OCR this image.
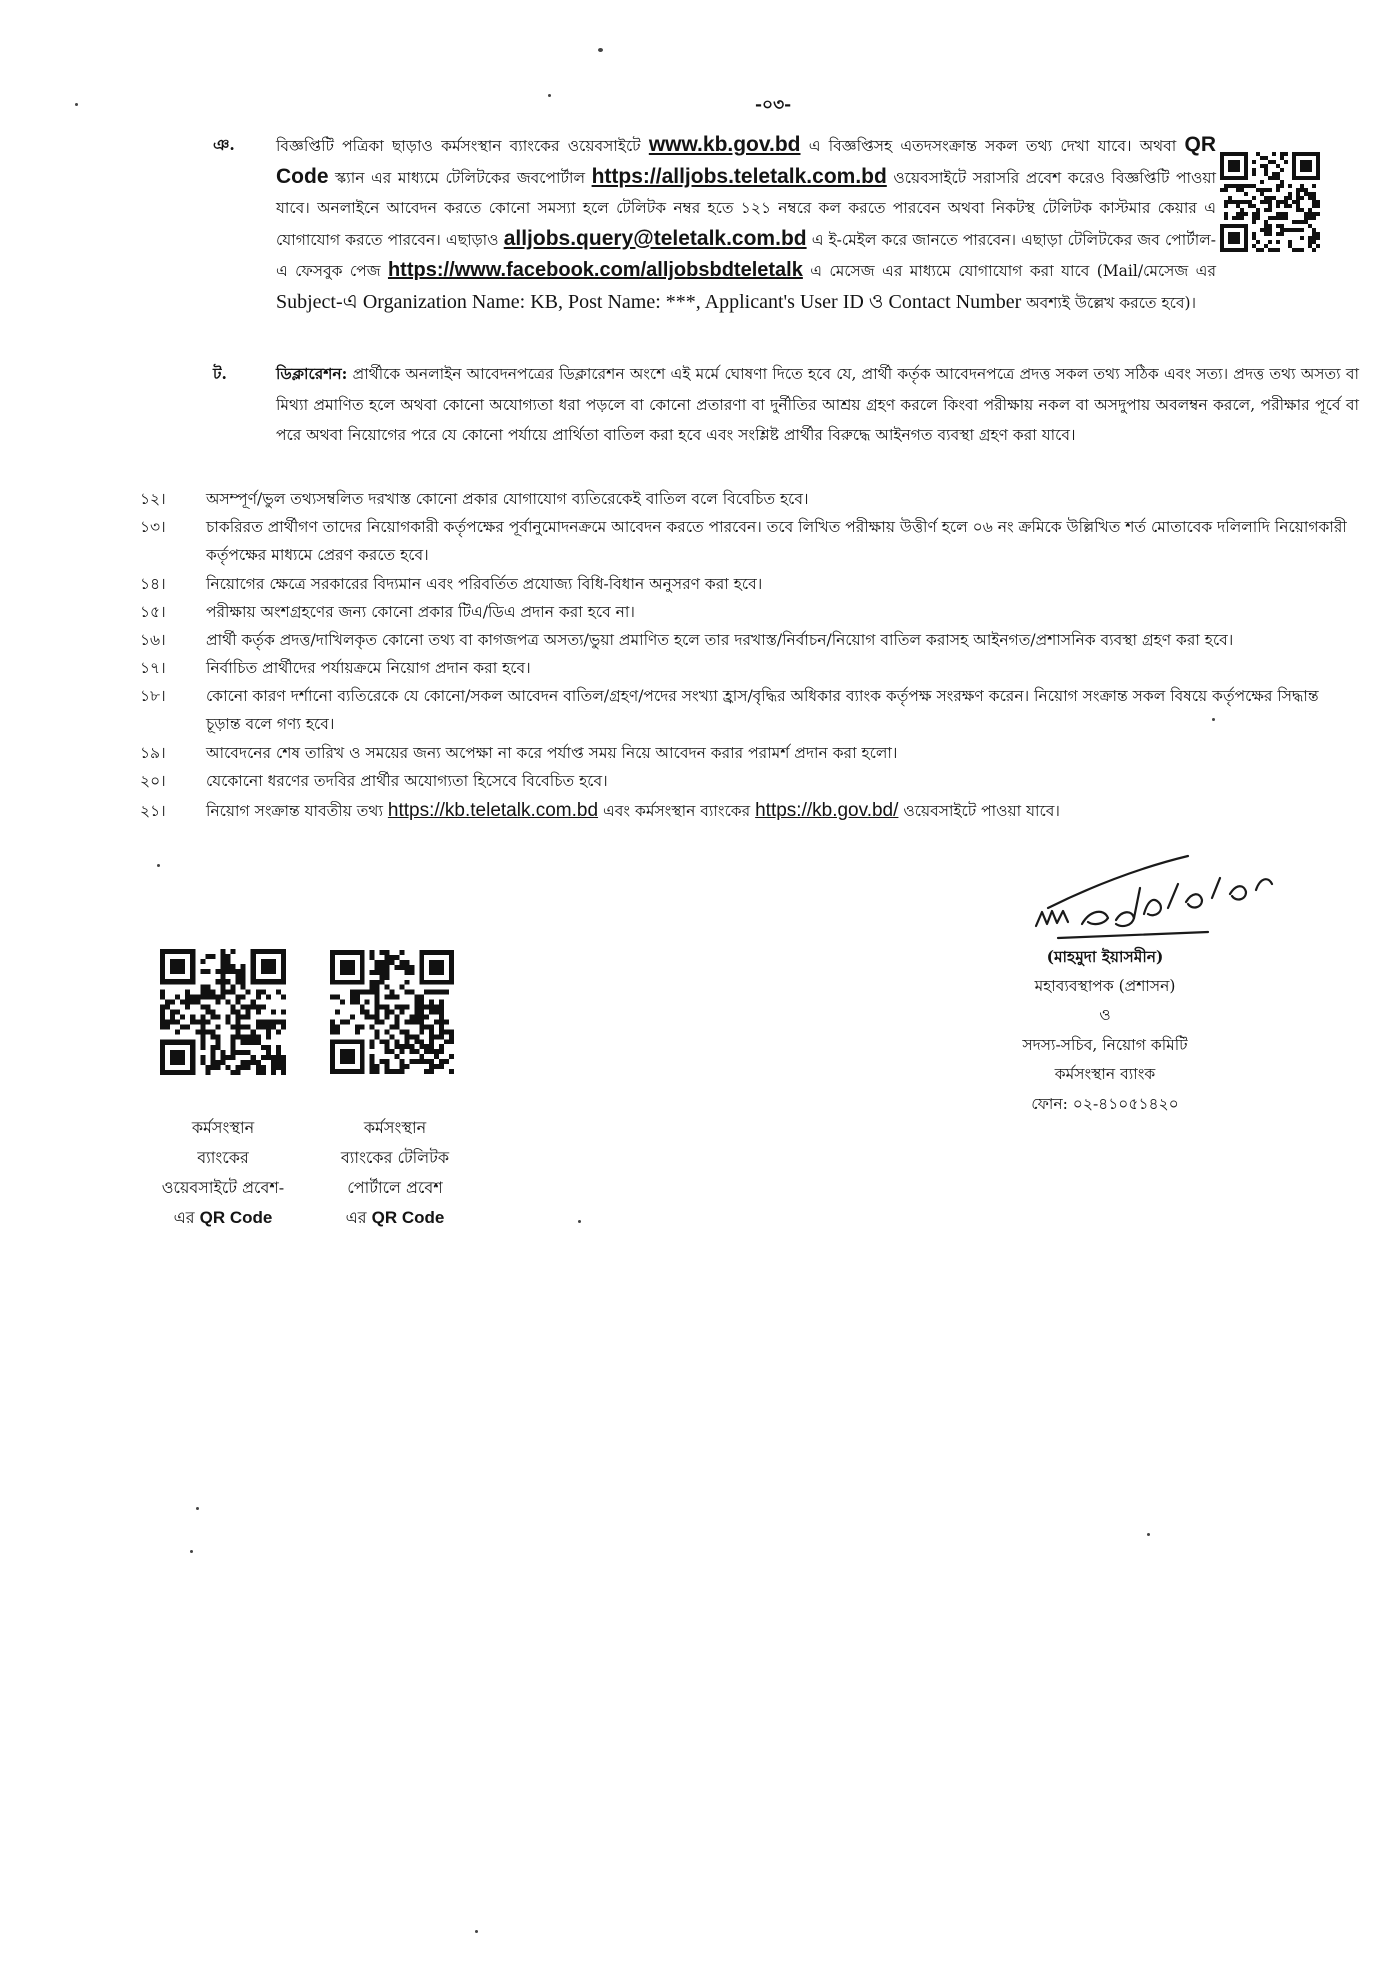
-০৩-
ঞ.	বিজ্ঞপ্তিটি পত্রিকা ছাড়াও কর্মসংস্থান ব্যাংকের ওয়েবসাইটে www.kb.gov.bd এ বিজ্ঞপ্তিসহ এতদসংক্রান্ত সকল তথ্য দেখা যাবে। অথবা QR Code স্ক্যান এর মাধ্যমে টেলিটকের জবপোর্টাল https://alljobs.teletalk.com.bd ওয়েবসাইটে সরাসরি প্রবেশ করেও বিজ্ঞপ্তিটি পাওয়া যাবে। অনলাইনে আবেদন করতে কোনো সমস্যা হলে টেলিটক নম্বর হতে ১২১ নম্বরে কল করতে পারবেন অথবা নিকটস্থ টেলিটক কাস্টমার কেয়ার এ যোগাযোগ করতে পারবেন। এছাড়াও alljobs.query@teletalk.com.bd এ ই-মেইল করে জানতে পারবেন। এছাড়া টেলিটকের জব পোর্টাল-এ ফেসবুক পেজ https://www.facebook.com/alljobsbdteletalk এ মেসেজ এর মাধ্যমে যোগাযোগ করা যাবে (Mail/মেসেজ এর Subject-এ Organization Name: KB, Post Name: ***, Applicant's User ID ও Contact Number অবশ্যই উল্লেখ করতে হবে)।
ট.	ডিক্লারেশন: প্রার্থীকে অনলাইন আবেদনপত্রের ডিক্লারেশন অংশে এই মর্মে ঘোষণা দিতে হবে যে, প্রার্থী কর্তৃক আবেদনপত্রে প্রদত্ত সকল তথ্য সঠিক এবং সত্য। প্রদত্ত তথ্য অসত্য বা মিথ্যা প্রমাণিত হলে অথবা কোনো অযোগ্যতা ধরা পড়লে বা কোনো প্রতারণা বা দুর্নীতির আশ্রয় গ্রহণ করলে কিংবা পরীক্ষায় নকল বা অসদুপায় অবলম্বন করলে, পরীক্ষার পূর্বে বা পরে অথবা নিয়োগের পরে যে কোনো পর্যায়ে প্রার্থিতা বাতিল করা হবে এবং সংশ্লিষ্ট প্রার্থীর বিরুদ্ধে আইনগত ব্যবস্থা গ্রহণ করা যাবে।
১২।	অসম্পূর্ণ/ভুল তথ্যসম্বলিত দরখাস্ত কোনো প্রকার যোগাযোগ ব্যতিরেকেই বাতিল বলে বিবেচিত হবে।
১৩।	চাকরিরত প্রার্থীগণ তাদের নিয়োগকারী কর্তৃপক্ষের পূর্বানুমোদনক্রমে আবেদন করতে পারবেন। তবে লিখিত পরীক্ষায় উত্তীর্ণ হলে ০৬ নং ক্রমিকে উল্লিখিত শর্ত মোতাবেক দলিলাদি নিয়োগকারী কর্তৃপক্ষের মাধ্যমে প্রেরণ করতে হবে।
১৪।	নিয়োগের ক্ষেত্রে সরকারের বিদ্যমান এবং পরিবর্তিত প্রযোজ্য বিধি-বিধান অনুসরণ করা হবে।
১৫।	পরীক্ষায় অংশগ্রহণের জন্য কোনো প্রকার টিএ/ডিএ প্রদান করা হবে না।
১৬।	প্রার্থী কর্তৃক প্রদত্ত/দাখিলকৃত কোনো তথ্য বা কাগজপত্র অসত্য/ভুয়া প্রমাণিত হলে তার দরখাস্ত/নির্বাচন/নিয়োগ বাতিল করাসহ আইনগত/প্রশাসনিক ব্যবস্থা গ্রহণ করা হবে।
১৭।	নির্বাচিত প্রার্থীদের পর্যায়ক্রমে নিয়োগ প্রদান করা হবে।
১৮।	কোনো কারণ দর্শানো ব্যতিরেকে যে কোনো/সকল আবেদন বাতিল/গ্রহণ/পদের সংখ্যা হ্রাস/বৃদ্ধির অধিকার ব্যাংক কর্তৃপক্ষ সংরক্ষণ করেন। নিয়োগ সংক্রান্ত সকল বিষয়ে কর্তৃপক্ষের সিদ্ধান্ত চূড়ান্ত বলে গণ্য হবে।
১৯।	আবেদনের শেষ তারিখ ও সময়ের জন্য অপেক্ষা না করে পর্যাপ্ত সময় নিয়ে আবেদন করার পরামর্শ প্রদান করা হলো।
২০।	যেকোনো ধরণের তদবির প্রার্থীর অযোগ্যতা হিসেবে বিবেচিত হবে।
২১।	নিয়োগ সংক্রান্ত যাবতীয় তথ্য https://kb.teletalk.com.bd এবং কর্মসংস্থান ব্যাংকের https://kb.gov.bd/ ওয়েবসাইটে পাওয়া যাবে।
কর্মসংস্থান
ব্যাংকের
ওয়েবসাইটে প্রবেশ-
এর QR Code
কর্মসংস্থান
ব্যাংকের টেলিটক
পোর্টালে প্রবেশ
এর QR Code
(মাহমুদা ইয়াসমীন)
মহাব্যবস্থাপক (প্রশাসন)
ও
সদস্য-সচিব, নিয়োগ কমিটি
কর্মসংস্থান ব্যাংক
ফোন: ০২-৪১০৫১৪২০
